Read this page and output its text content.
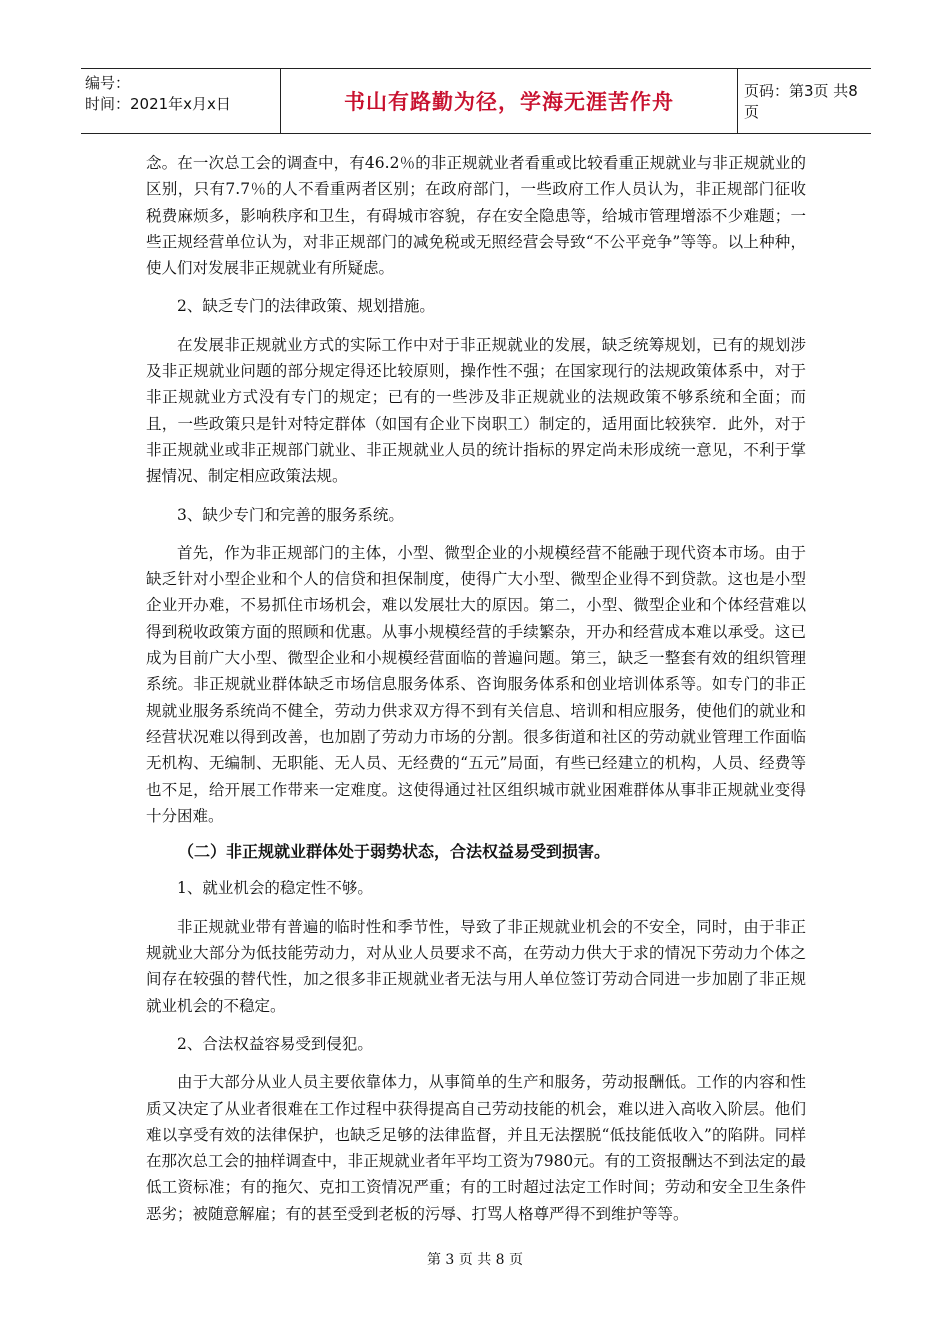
编号：
时间：2021年x月x日	书山有路勤为径，学海无涯苦作舟	页码：第3页 共8页

念。在一次总工会的调查中，有46.2％的非正规就业者看重或比较看重正规就业与非正规就业的区别，只有7.7％的人不看重两者区别；在政府部门，一些政府工作人员认为，非正规部门征收税费麻烦多，影响秩序和卫生，有碍城市容貌，存在安全隐患等，给城市管理增添不少难题；一些正规经营单位认为，对非正规部门的减免税或无照经营会导致“不公平竞争”等等。以上种种，使人们对发展非正规就业有所疑虑。

2、缺乏专门的法律政策、规划措施。

在发展非正规就业方式的实际工作中对于非正规就业的发展，缺乏统筹规划，已有的规划涉及非正规就业问题的部分规定得还比较原则，操作性不强；在国家现行的法规政策体系中，对于非正规就业方式没有专门的规定；已有的一些涉及非正规就业的法规政策不够系统和全面；而且，一些政策只是针对特定群体（如国有企业下岗职工）制定的，适用面比较狭窄．此外，对于非正规就业或非正规部门就业、非正规就业人员的统计指标的界定尚未形成统一意见，不利于掌握情况、制定相应政策法规。

3、缺少专门和完善的服务系统。

首先，作为非正规部门的主体，小型、微型企业的小规模经营不能融于现代资本市场。由于缺乏针对小型企业和个人的信贷和担保制度，使得广大小型、微型企业得不到贷款。这也是小型企业开办难，不易抓住市场机会，难以发展壮大的原因。第二，小型、微型企业和个体经营难以得到税收政策方面的照顾和优惠。从事小规模经营的手续繁杂，开办和经营成本难以承受。这已成为目前广大小型、微型企业和小规模经营面临的普遍问题。第三，缺乏一整套有效的组织管理系统。非正规就业群体缺乏市场信息服务体系、咨询服务体系和创业培训体系等。如专门的非正规就业服务系统尚不健全，劳动力供求双方得不到有关信息、培训和相应服务，使他们的就业和经营状况难以得到改善，也加剧了劳动力市场的分割。很多街道和社区的劳动就业管理工作面临无机构、无编制、无职能、无人员、无经费的“五元”局面，有些已经建立的机构，人员、经费等也不足，给开展工作带来一定难度。这使得通过社区组织城市就业困难群体从事非正规就业变得十分困难。

（二）非正规就业群体处于弱势状态，合法权益易受到损害。

1、就业机会的稳定性不够。

非正规就业带有普遍的临时性和季节性，导致了非正规就业机会的不安全，同时，由于非正规就业大部分为低技能劳动力，对从业人员要求不高，在劳动力供大于求的情况下劳动力个体之间存在较强的替代性，加之很多非正规就业者无法与用人单位签订劳动合同进一步加剧了非正规就业机会的不稳定。

2、合法权益容易受到侵犯。

由于大部分从业人员主要依靠体力，从事简单的生产和服务，劳动报酬低。工作的内容和性质又决定了从业者很难在工作过程中获得提高自己劳动技能的机会，难以进入高收入阶层。他们难以享受有效的法律保护，也缺乏足够的法律监督，并且无法摆脱“低技能低收入”的陷阱。同样在那次总工会的抽样调查中，非正规就业者年平均工资为7980元。有的工资报酬达不到法定的最低工资标准；有的拖欠、克扣工资情况严重；有的工时超过法定工作时间；劳动和安全卫生条件恶劣；被随意解雇；有的甚至受到老板的污辱、打骂人格尊严得不到维护等等。

第 3 页 共 8 页
